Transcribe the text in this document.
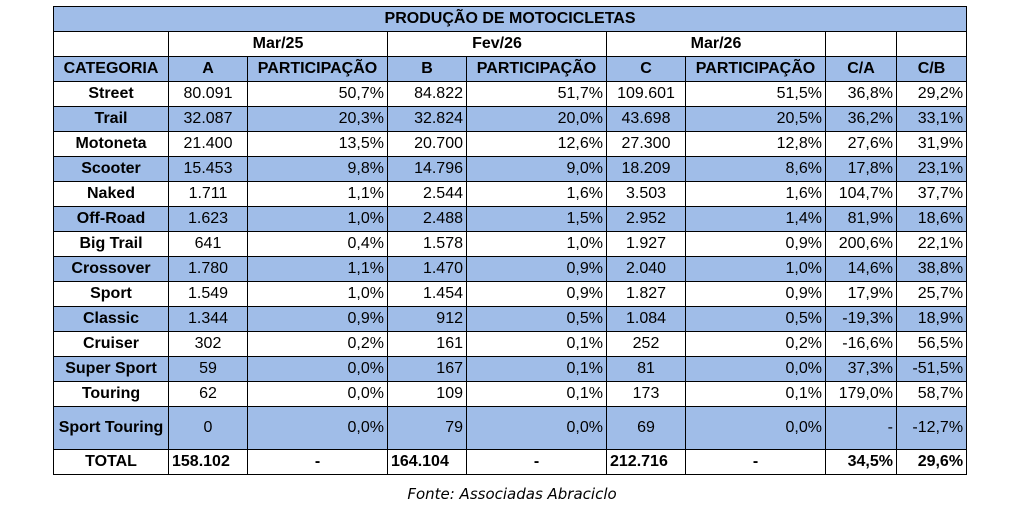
PRODUÇÃO DE MOTOCICLETAS								
	Mar/25		Fev/26		Mar/26			
CATEGORIA	A	PARTICIPAÇÃO	B	PARTICIPAÇÃO	C	PARTICIPAÇÃO	C/A	C/B
Street	80.091	50,7%	84.822	51,7%	109.601	51,5%	36,8%	29,2%
Trail	32.087	20,3%	32.824	20,0%	43.698	20,5%	36,2%	33,1%
Motoneta	21.400	13,5%	20.700	12,6%	27.300	12,8%	27,6%	31,9%
Scooter	15.453	9,8%	14.796	9,0%	18.209	8,6%	17,8%	23,1%
Naked	1.711	1,1%	2.544	1,6%	3.503	1,6%	104,7%	37,7%
Off-Road	1.623	1,0%	2.488	1,5%	2.952	1,4%	81,9%	18,6%
Big Trail	641	0,4%	1.578	1,0%	1.927	0,9%	200,6%	22,1%
Crossover	1.780	1,1%	1.470	0,9%	2.040	1,0%	14,6%	38,8%
Sport	1.549	1,0%	1.454	0,9%	1.827	0,9%	17,9%	25,7%
Classic	1.344	0,9%	912	0,5%	1.084	0,5%	-19,3%	18,9%
Cruiser	302	0,2%	161	0,1%	252	0,2%	-16,6%	56,5%
Super Sport	59	0,0%	167	0,1%	81	0,0%	37,3%	-51,5%
Touring	62	0,0%	109	0,1%	173	0,1%	179,0%	58,7%
Sport Touring	0	0,0%	79	0,0%	69	0,0%	-	-12,7%
TOTAL	158.102	-	164.104	-	212.716	-	34,5%	29,6%
Fonte: Associadas Abraciclo
